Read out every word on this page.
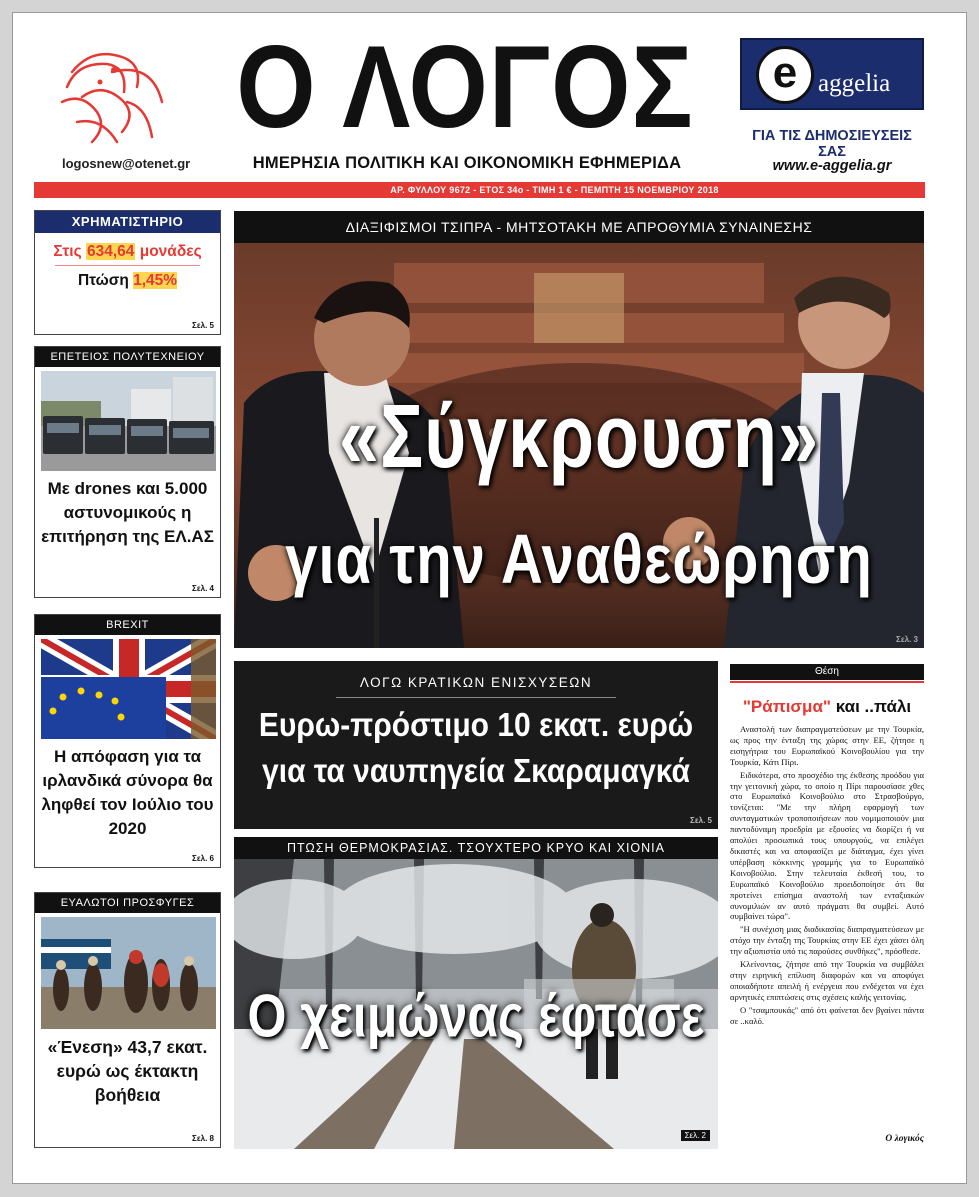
logosnew@otenet.gr
Ο ΛΟΓΟΣ
ΗΜΕΡΗΣΙΑ ΠΟΛΙΤΙΚΗ ΚΑΙ ΟΙΚΟΝΟΜΙΚΗ ΕΦΗΜΕΡΙΔΑ
e aggelia
ΓΙΑ ΤΙΣ ΔΗΜΟΣΙΕΥΣΕΙΣ ΣΑΣ
www.e-aggelia.gr
ΑΡ. ΦΥΛΛΟΥ 9672 - ΕΤΟΣ 34ο - ΤΙΜΗ 1 € - ΠΕΜΠΤΗ 15 ΝΟΕΜΒΡΙΟΥ 2018
ΧΡΗΜΑΤΙΣΤΗΡΙΟ
Στις 634,64 μονάδες
Πτώση 1,45%
Σελ. 5
ΕΠΕΤΕΙΟΣ ΠΟΛΥΤΕΧΝΕΙΟΥ
Με drones και 5.000 αστυνομικούς η επιτήρηση της ΕΛ.ΑΣ
Σελ. 4
BREXIT
Η απόφαση για τα ιρλανδικά σύνορα θα ληφθεί τον Ιούλιο του 2020
Σελ. 6
ΕΥΑΛΩΤΟΙ ΠΡΟΣΦΥΓΕΣ
«Ένεση» 43,7 εκατ. ευρώ ως έκτακτη βοήθεια
Σελ. 8
ΔΙΑΞΙΦΙΣΜΟΙ ΤΣΙΠΡΑ - ΜΗΤΣΟΤΑΚΗ ΜΕ ΑΠΡΟΘΥΜΙΑ ΣΥΝΑΙΝΕΣΗΣ
«Σύγκρουση»
για την Αναθεώρηση
Σελ. 3
ΛΟΓΩ ΚΡΑΤΙΚΩΝ ΕΝΙΣΧΥΣΕΩΝ
Ευρω-πρόστιμο 10 εκατ. ευρώ
για τα ναυπηγεία Σκαραμαγκά
Σελ. 5
ΠΤΩΣΗ ΘΕΡΜΟΚΡΑΣΙΑΣ. ΤΣΟΥΧΤΕΡΟ ΚΡΥΟ ΚΑΙ ΧΙΟΝΙΑ
Ο χειμώνας έφτασε
Σελ. 2
Θέση
"Ράπισμα" και ..πάλι

Αναστολή των διαπραγματεύσεων με την Τουρκία, ως προς την ένταξη της χώρας στην ΕΕ, ζήτησε η εισηγήτρια του Ευρωπαϊκού Κοινοβουλίου για την Τουρκία, Κάτι Πίρι.

Ειδικότερα, στο προσχέδιο της έκθεσης προόδου για την γειτονική χώρα, το οποίο η Πίρι παρουσίασε χθες στο Ευρωπαϊκό Κοινοβούλιο στο Στρασβούργο, τονίζεται: "Με την πλήρη εφαρμογή των συνταγματικών τροποποιήσεων που νομιμοποιούν μια παντοδύναμη προεδρία με εξουσίες να διορίζει ή να απολύει προσωπικά τους υπουργούς, να επιλέγει δικαστές και να αποφασίζει με διάταγμα, έχει γίνει υπέρβαση κόκκινης γραμμής για το Ευρωπαϊκό Κοινοβούλιο. Στην τελευταία έκθεσή του, το Ευρωπαϊκό Κοινοβούλιο προειδοποίησε ότι θα προτείνει επίσημα αναστολή των ενταξιακών συνομιλιών αν αυτό πράγματι θα συμβεί. Αυτό συμβαίνει τώρα".

"Η συνέχιση μιας διαδικασίας διαπραγματεύσεων με στόχο την ένταξη της Τουρκίας στην ΕΕ έχει χάσει όλη την αξιοπιστία υπό τις παρούσες συνθήκες", πρόσθεσε.

Κλείνοντας, ζήτησε από την Τουρκία να συμβάλει στην ειρηνική επίλυση διαφορών και να αποφύγει οποιαδήποτε απειλή ή ενέργεια που ενδέχεται να έχει αρνητικές επιπτώσεις στις σχέσεις καλής γειτονίας.

Ο "τσαμπουκάς" από ότι φαίνεται δεν βγαίνει πάντα σε ..καλό.

Ο λογικός
